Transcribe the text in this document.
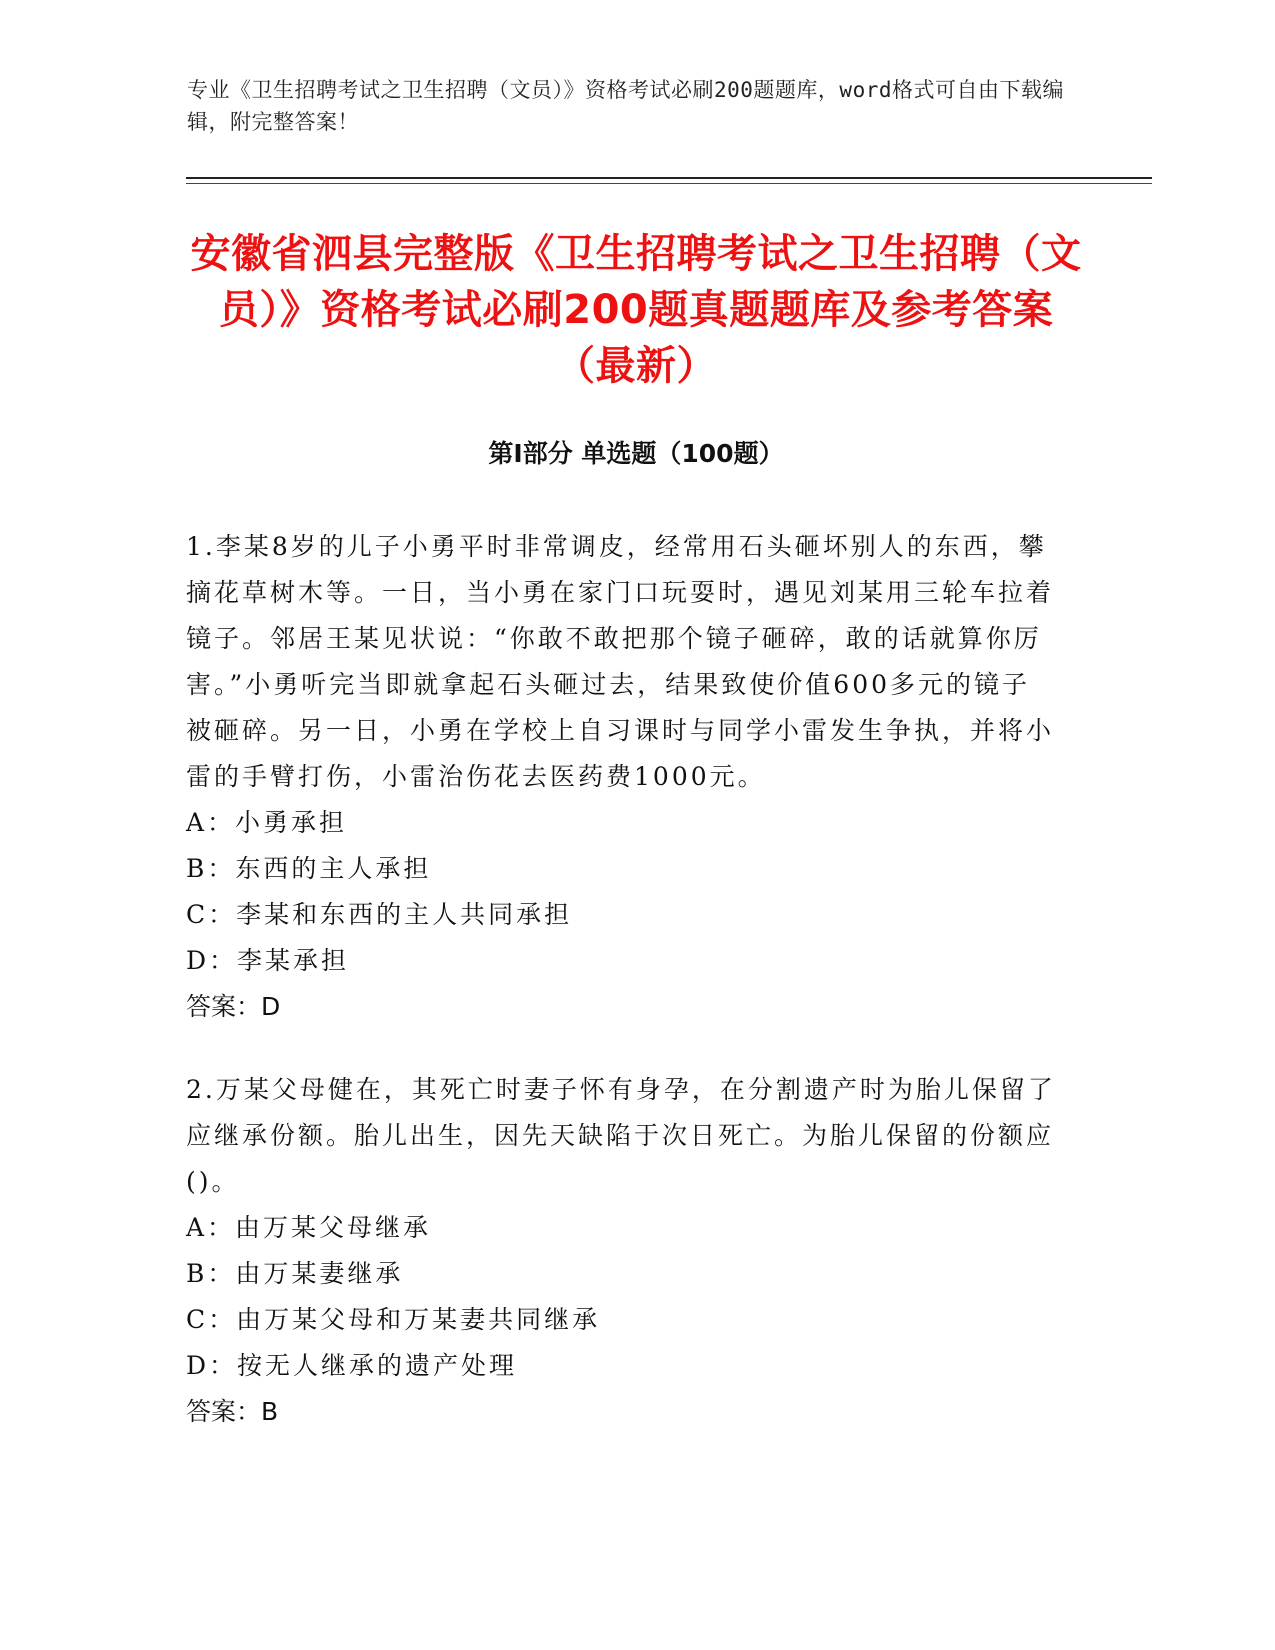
专业《卫生招聘考试之卫生招聘（文员）》资格考试必刷200题题库，word格式可自由下载编辑，附完整答案！
安徽省泗县完整版《卫生招聘考试之卫生招聘（文员）》资格考试必刷200题真题题库及参考答案（最新）
第Ⅰ部分 单选题（100题）
1.李某8岁的儿子小勇平时非常调皮，经常用石头砸坏别人的东西，攀摘花草树木等。一日，当小勇在家门口玩耍时，遇见刘某用三轮车拉着镜子。邻居王某见状说：“你敢不敢把那个镜子砸碎，敢的话就算你厉害。”小勇听完当即就拿起石头砸过去，结果致使价值600多元的镜子被砸碎。另一日，小勇在学校上自习课时与同学小雷发生争执，并将小雷的手臂打伤，小雷治伤花去医药费1000元。
A：小勇承担
B：东西的主人承担
C：李某和东西的主人共同承担
D：李某承担
答案：D
2.万某父母健在，其死亡时妻子怀有身孕，在分割遗产时为胎儿保留了应继承份额。胎儿出生，因先天缺陷于次日死亡。为胎儿保留的份额应()。
A：由万某父母继承
B：由万某妻继承
C：由万某父母和万某妻共同继承
D：按无人继承的遗产处理
答案：B
